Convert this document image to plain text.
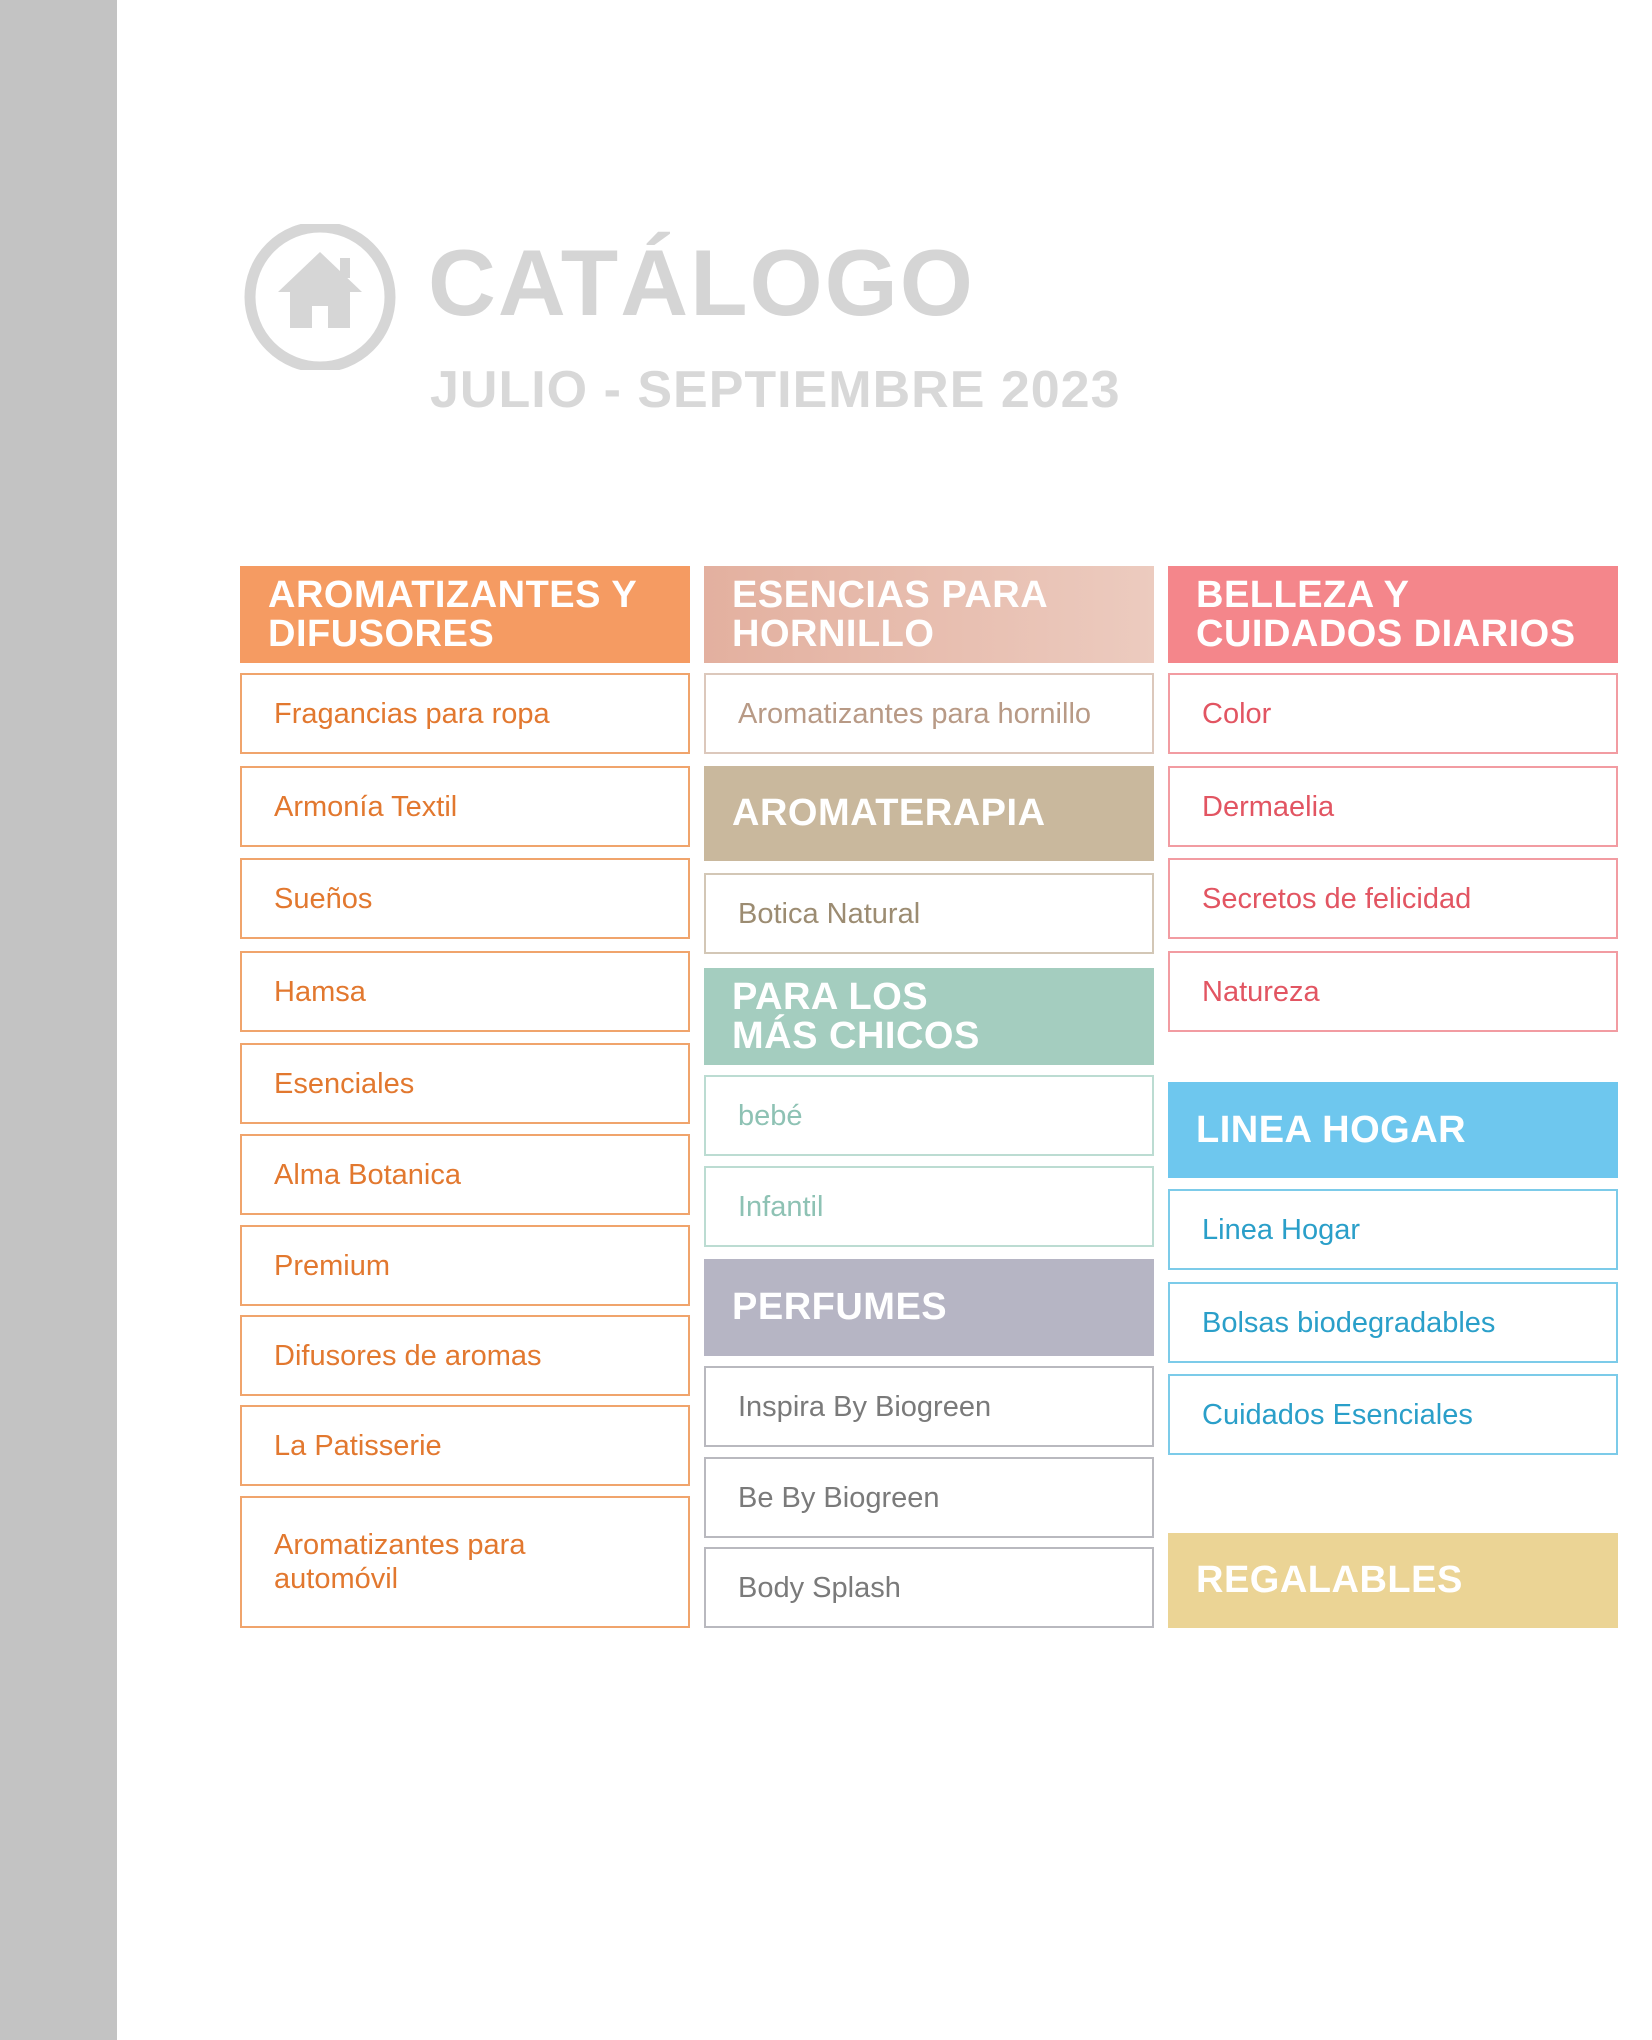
CATÁLOGO
JULIO - SEPTIEMBRE 2023
AROMATIZANTES Y
DIFUSORES
Fragancias para ropa
Armonía Textil
Sueños
Hamsa
Esenciales
Alma Botanica
Premium
Difusores de aromas
La Patisserie
Aromatizantes para
automóvil
ESENCIAS PARA
HORNILLO
Aromatizantes para hornillo
AROMATERAPIA
Botica Natural
PARA LOS
MÁS CHICOS
bebé
Infantil
PERFUMES
Inspira By Biogreen
Be By Biogreen
Body Splash
BELLEZA Y
CUIDADOS DIARIOS
Color
Dermaelia
Secretos de felicidad
Natureza
LINEA HOGAR
Linea Hogar
Bolsas biodegradables
Cuidados Esenciales
REGALABLES
